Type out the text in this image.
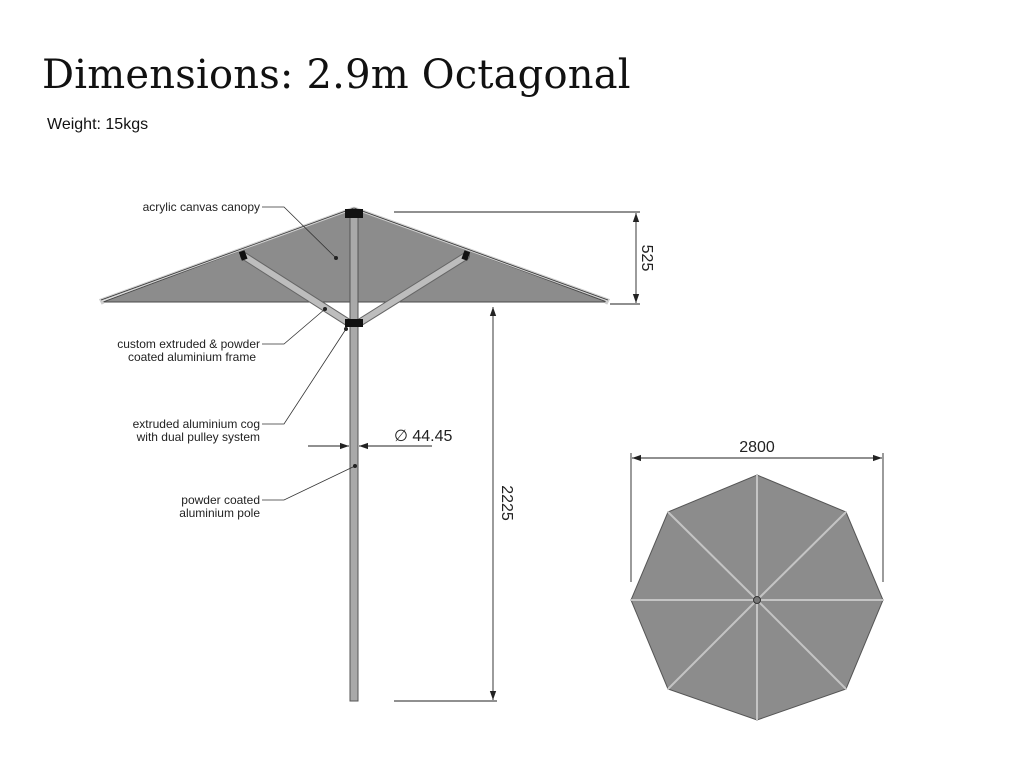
Dimensions: 2.9m Octagonal

Weight: 15kgs

acrylic canvas canopy
custom extruded & powder
coated aluminium frame
extruded aluminium cog
with dual pulley system
powder coated
aluminium pole
525
2225
∅ 44.45
2800
